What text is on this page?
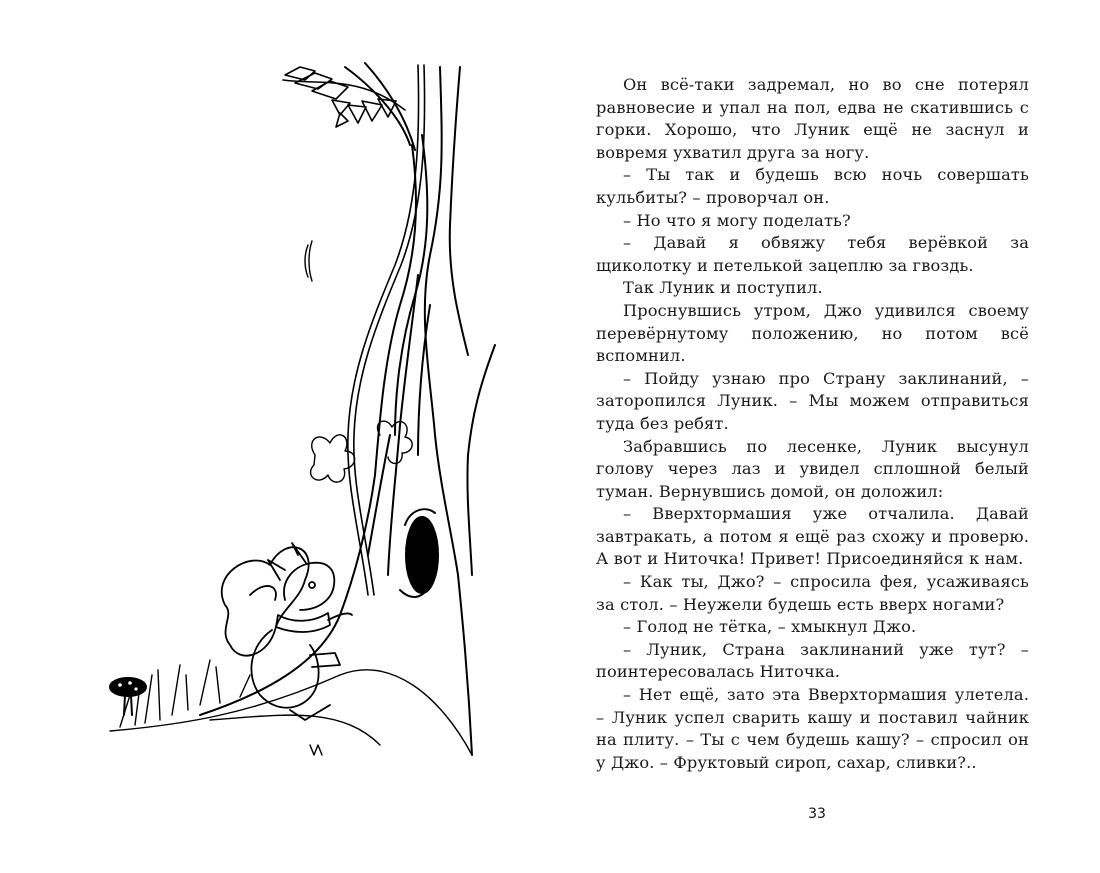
Он всё-таки задремал, но во сне потерял равновесие и упал на пол, едва не скатившись с горки. Хорошо, что Луник ещё не заснул и вовремя ухватил друга за ногу.

– Ты так и будешь всю ночь совершать кульбиты? – проворчал он.

– Но что я могу поделать?

– Давай я обвяжу тебя верёвкой за щиколотку и петелькой зацеплю за гвоздь.

Так Луник и поступил.

Проснувшись утром, Джо удивился своему перевёрнутому положению, но потом всё вспомнил.

– Пойду узнаю про Страну заклинаний, – заторопился Луник. – Мы можем отправиться туда без ребят.

Забравшись по лесенке, Луник высунул голову через лаз и увидел сплошной белый туман. Вернувшись домой, он доложил:

– Вверхтормашия уже отчалила. Давай завтракать, а потом я ещё раз схожу и проверю. А вот и Ниточка! Привет! Присоединяйся к нам.

– Как ты, Джо? – спросила фея, усаживаясь за стол. – Неужели будешь есть вверх ногами?

– Голод не тётка, – хмыкнул Джо.

– Луник, Страна заклинаний уже тут? – поинтересовалась Ниточка.

– Нет ещё, зато эта Вверхтормашия улетела. – Луник успел сварить кашу и поставил чайник на плиту. – Ты с чем будешь кашу? – спросил он у Джо. – Фруктовый сироп, сахар, сливки?..

33
